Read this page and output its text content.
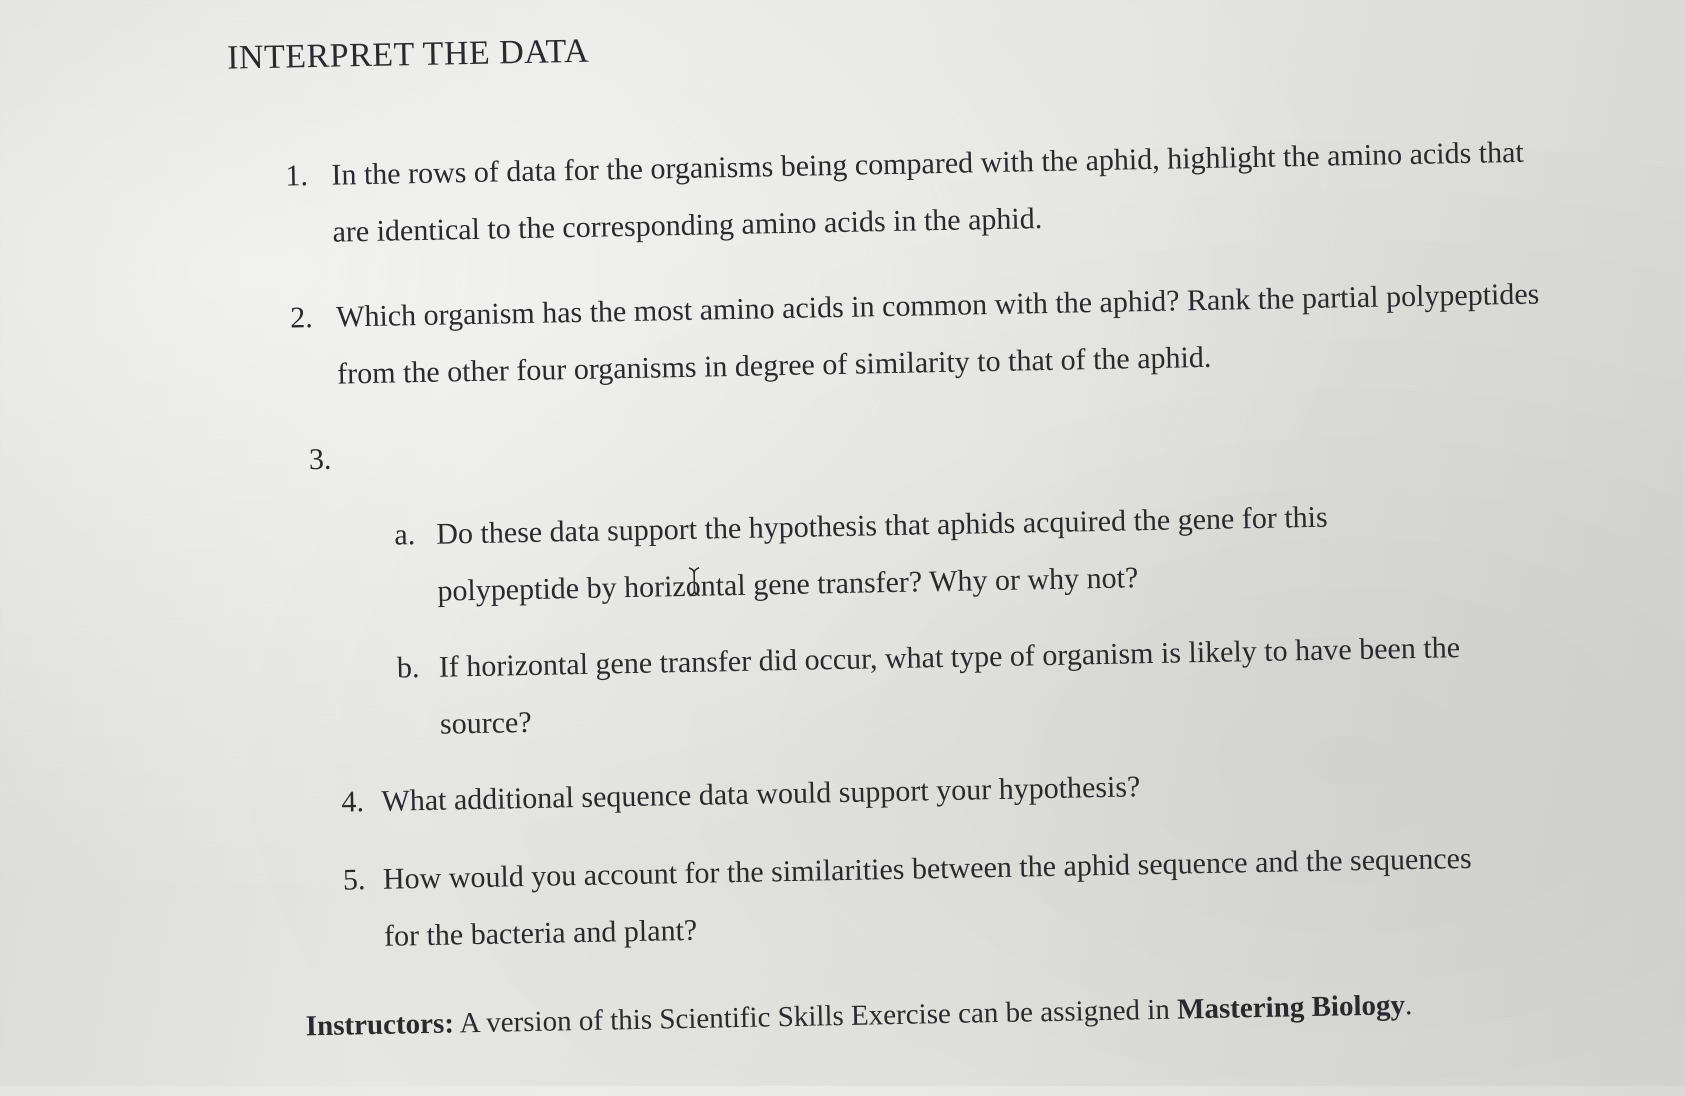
INTERPRET THE DATA
1. In the rows of data for the organisms being compared with the aphid, highlight the amino acids that are identical to the corresponding amino acids in the aphid.
2. Which organism has the most amino acids in common with the aphid? Rank the partial polypeptides from the other four organisms in degree of similarity to that of the aphid.
3.
a. Do these data support the hypothesis that aphids acquired the gene for this polypeptide by horizontal gene transfer? Why or why not?
b. If horizontal gene transfer did occur, what type of organism is likely to have been the source?
4. What additional sequence data would support your hypothesis?
5. How would you account for the similarities between the aphid sequence and the sequences for the bacteria and plant?
Instructors: A version of this Scientific Skills Exercise can be assigned in Mastering Biology.
